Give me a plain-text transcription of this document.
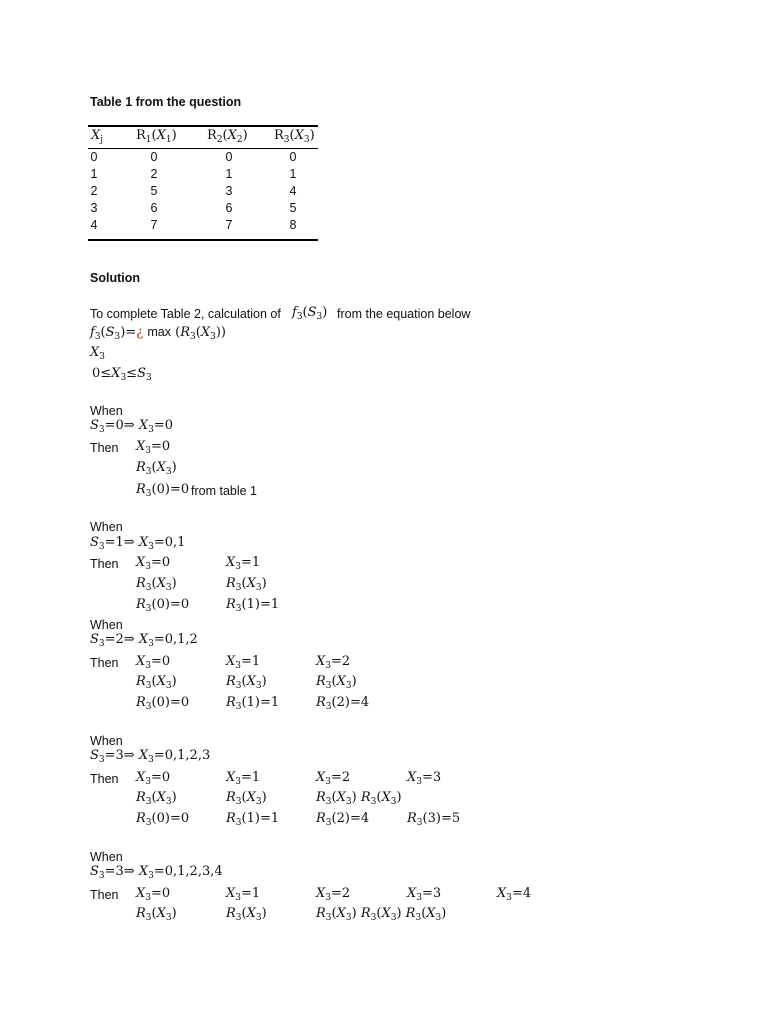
Table 1 from the question
$X_j$	$R_1(X_1)$ $R_2(X_2)$ $R_3(X_3)$
0	0	0	0
1	2	1	1
2	5	3	4
3	6	6	5
4	7	7	8
Solution
To complete Table 2, calculation of $f_3(S_3)$ from the equation below
$f_3(S_3)=¿$ $\max (R_3(X_3))$
$X_3$
$0\le X_3\le S_3$
When
$S_3=0\Rightarrow$ $X_3=0$
Then $X_3=0$
$R_3(X_3)$
$R_3(0)=0$ from table 1
When
$S_3=1\Rightarrow$ $X_3=0,1$
Then $X_3=0$	$X_3=1$
$R_3(X_3)$	$R_3(X_3)$
$R_3(0)=0$	$R_3(1)=1$
When
$S_3=2\Rightarrow$ $X_3=0,1,2$
Then $X_3=0$	$X_3=1$	$X_3=2$
$R_3(X_3)$	$R_3(X_3)$	$R_3(X_3)$
$R_3(0)=0$	$R_3(1)=1$	$R_3(2)=4$
When
$S_3=3\Rightarrow$ $X_3=0,1,2,3$
Then $X_3=0$	$X_3=1$	$X_3=2$	$X_3=3$
$R_3(X_3)$	$R_3(X_3)$	$R_3(X_3)$ $R_3(X_3)$
$R_3(0)=0$	$R_3(1)=1$	$R_3(2)=4$	$R_3(3)=5$
When
$S_3=3\Rightarrow$ $X_3=0,1,2,3,4$
Then $X_3=0$	$X_3=1$	$X_3=2$	$X_3=3$	$X_3=4$
$R_3(X_3)$	$R_3(X_3)$	$R_3(X_3)$ $R_3(X_3)$ $R_3(X_3)$
